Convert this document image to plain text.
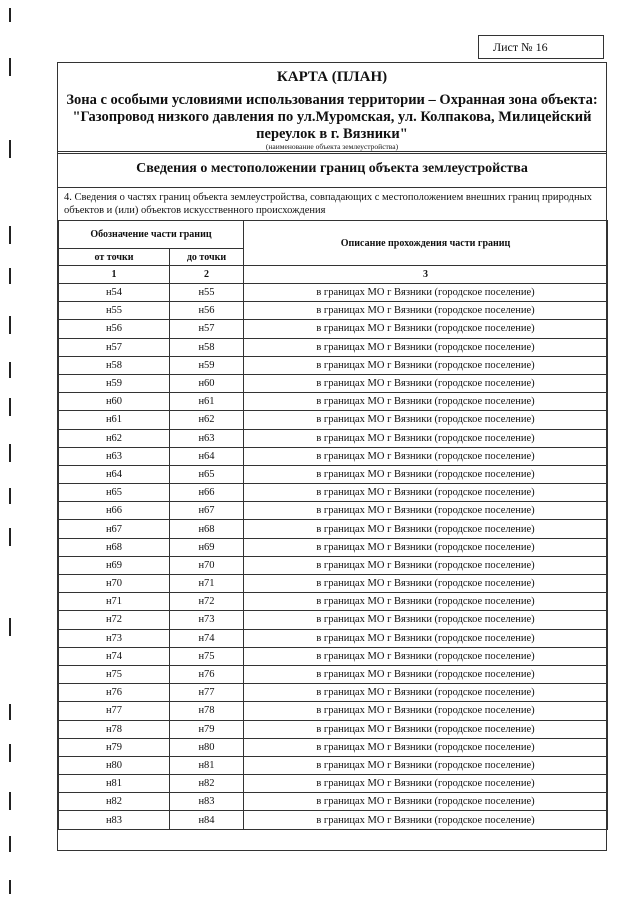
Лист № 16
КАРТА (ПЛАН)
Зона с особыми условиями использования территории – Охранная зона объекта:
"Газопровод низкого давления по ул.Муромская, ул. Колпакова, Милицейский
переулок в г. Вязники"
(наименование объекта землеустройства)
Сведения о местоположении границ объекта землеустройства
4. Сведения о частях границ объекта землеустройства, совпадающих с местоположением внешних границ природных объектов и (или) объектов искусственного происхождения
Обозначение части границ		Описание прохождения части границ
от точки	до точки	
1	2	3
н54	н55	в границах МО г Вязники (городское поселение)
н55	н56	в границах МО г Вязники (городское поселение)
н56	н57	в границах МО г Вязники (городское поселение)
н57	н58	в границах МО г Вязники (городское поселение)
н58	н59	в границах МО г Вязники (городское поселение)
н59	н60	в границах МО г Вязники (городское поселение)
н60	н61	в границах МО г Вязники (городское поселение)
н61	н62	в границах МО г Вязники (городское поселение)
н62	н63	в границах МО г Вязники (городское поселение)
н63	н64	в границах МО г Вязники (городское поселение)
н64	н65	в границах МО г Вязники (городское поселение)
н65	н66	в границах МО г Вязники (городское поселение)
н66	н67	в границах МО г Вязники (городское поселение)
н67	н68	в границах МО г Вязники (городское поселение)
н68	н69	в границах МО г Вязники (городское поселение)
н69	н70	в границах МО г Вязники (городское поселение)
н70	н71	в границах МО г Вязники (городское поселение)
н71	н72	в границах МО г Вязники (городское поселение)
н72	н73	в границах МО г Вязники (городское поселение)
н73	н74	в границах МО г Вязники (городское поселение)
н74	н75	в границах МО г Вязники (городское поселение)
н75	н76	в границах МО г Вязники (городское поселение)
н76	н77	в границах МО г Вязники (городское поселение)
н77	н78	в границах МО г Вязники (городское поселение)
н78	н79	в границах МО г Вязники (городское поселение)
н79	н80	в границах МО г Вязники (городское поселение)
н80	н81	в границах МО г Вязники (городское поселение)
н81	н82	в границах МО г Вязники (городское поселение)
н82	н83	в границах МО г Вязники (городское поселение)
н83	н84	в границах МО г Вязники (городское поселение)
